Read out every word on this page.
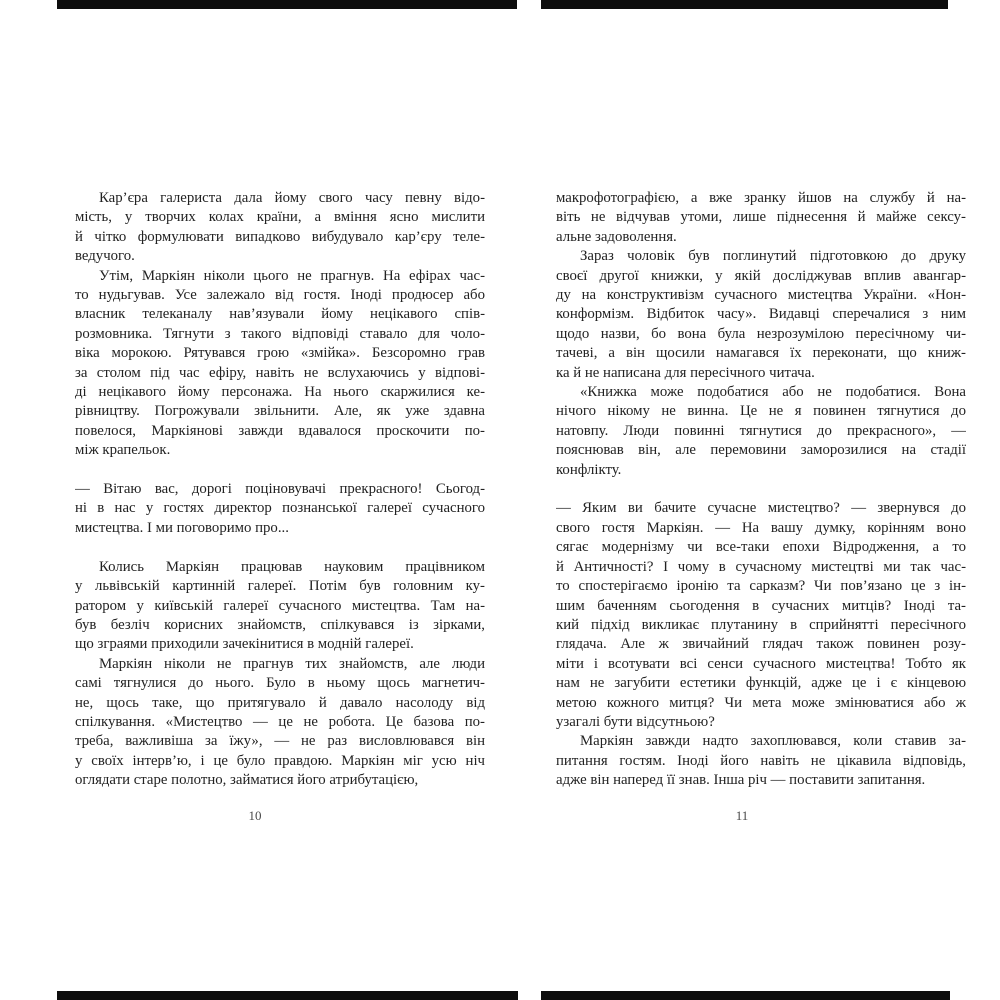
Кар’єра галериста дала йому свого часу певну відо-
мість, у творчих колах країни, а вміння ясно мислити
й чітко формулювати випадково вибудувало кар’єру теле-
ведучого.
Утім, Маркіян ніколи цього не прагнув. На ефірах час-
то нудьгував. Усе залежало від гостя. Іноді продюсер або
власник телеканалу нав’язували йому нецікавого спів-
розмовника. Тягнути з такого відповіді ставало для чоло-
віка морокою. Рятувався грою «змійка». Безсоромно грав
за столом під час ефіру, навіть не вслухаючись у відпові-
ді нецікавого йому персонажа. На нього скаржилися ке-
рівництву. Погрожували звільнити. Але, як уже здавна
повелося, Маркіянові завжди вдавалося проскочити по-
між крапельок.
— Вітаю вас, дорогі поціновувачі прекрасного! Сьогод-
ні в нас у гостях директор познанської галереї сучасного
мистецтва. І ми поговоримо про...
Колись Маркіян працював науковим працівником
у львівській картинній галереї. Потім був головним ку-
ратором у київській галереї сучасного мистецтва. Там на-
був безліч корисних знайомств, спілкувався із зірками,
що зграями приходили зачекінитися в модній галереї.
Маркіян ніколи не прагнув тих знайомств, але люди
самі тягнулися до нього. Було в ньому щось магнетич-
не, щось таке, що притягувало й давало насолоду від
спілкування. «Мистецтво — це не робота. Це базова по-
треба, важливіша за їжу», — не раз висловлювався він
у своїх інтерв’ю, і це було правдою. Маркіян міг усю ніч
оглядати старе полотно, займатися його атрибутацією,
10
макрофотографією, а вже зранку йшов на службу й на-
віть не відчував утоми, лише піднесення й майже сексу-
альне задоволення.
Зараз чоловік був поглинутий підготовкою до друку
своєї другої книжки, у якій досліджував вплив авангар-
ду на конструктивізм сучасного мистецтва України. «Нон-
конформізм. Відбиток часу». Видавці сперечалися з ним
щодо назви, бо вона була незрозумілою пересічному чи-
тачеві, а він щосили намагався їх переконати, що книж-
ка й не написана для пересічного читача.
«Книжка може подобатися або не подобатися. Вона
нічого нікому не винна. Це не я повинен тягнутися до
натовпу. Люди повинні тягнутися до прекрасного», —
пояснював він, але перемовини заморозилися на стадії
конфлікту.
— Яким ви бачите сучасне мистецтво? — звернувся до
свого гостя Маркіян. — На вашу думку, корінням воно
сягає модернізму чи все-таки епохи Відродження, а то
й Античності? І чому в сучасному мистецтві ми так час-
то спостерігаємо іронію та сарказм? Чи пов’язано це з ін-
шим баченням сьогодення в сучасних митців? Іноді та-
кий підхід викликає плутанину в сприйнятті пересічного
глядача. Але ж звичайний глядач також повинен розу-
міти і всотувати всі сенси сучасного мистецтва! Тобто як
нам не загубити естетики функцій, адже це і є кінцевою
метою кожного митця? Чи мета може змінюватися або ж
узагалі бути відсутньою?
Маркіян завжди надто захоплювався, коли ставив за-
питання гостям. Іноді його навіть не цікавила відповідь,
адже він наперед її знав. Інша річ — поставити запитання.
11
